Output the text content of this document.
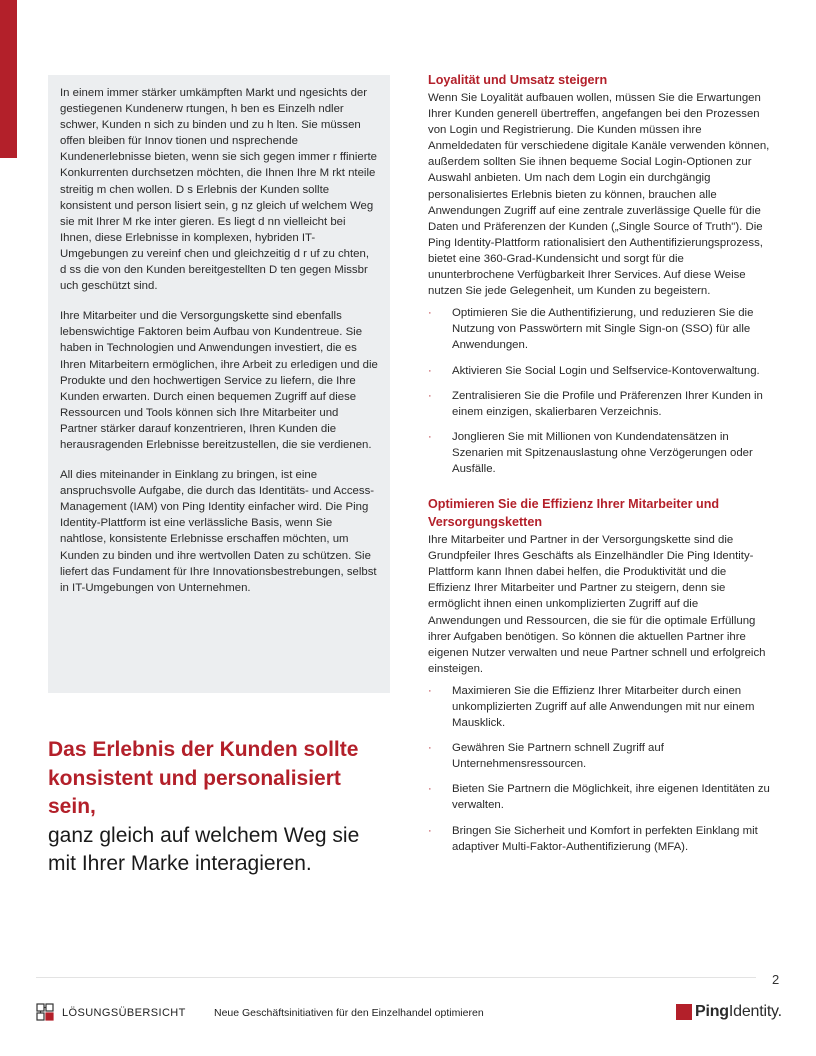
In einem immer stärker umkämpften Markt und ngesichts der gestiegenen Kundenerw rtungen, h ben es Einzelh ndler schwer, Kunden n sich zu binden und zu h lten. Sie müssen offen bleiben für Innov tionen und nsprechende Kundenerlebnisse bieten, wenn sie sich gegen immer r ffinierte Konkurrenten durchsetzen möchten, die Ihnen Ihre M rkt nteile streitig m chen wollen. D s Erlebnis der Kunden sollte konsistent und person lisiert sein, g nz gleich uf welchem Weg sie mit Ihrer M rke inter gieren. Es liegt d nn vielleicht bei Ihnen, diese Erlebnisse in komplexen, hybriden IT-Umgebungen zu vereinf chen und gleichzeitig d r uf zu chten, d ss die von den Kunden bereitgestellten D ten gegen Missbr uch geschützt sind.

Ihre Mitarbeiter und die Versorgungskette sind ebenfalls lebenswichtige Faktoren beim Aufbau von Kundentreue. Sie haben in Technologien und Anwendungen investiert, die es Ihren Mitarbeitern ermöglichen, ihre Arbeit zu erledigen und die Produkte und den hochwertigen Service zu liefern, die Ihre Kunden erwarten. Durch einen bequemen Zugriff auf diese Ressourcen und Tools können sich Ihre Mitarbeiter und Partner stärker darauf konzentrieren, Ihren Kunden die herausragenden Erlebnisse bereitzustellen, die sie verdienen.

All dies miteinander in Einklang zu bringen, ist eine anspruchsvolle Aufgabe, die durch das Identitäts- und Access-Management (IAM) von Ping Identity einfacher wird. Die Ping Identity-Plattform ist eine verlässliche Basis, wenn Sie nahtlose, konsistente Erlebnisse erschaffen möchten, um Kunden zu binden und ihre wertvollen Daten zu schützen. Sie liefert das Fundament für Ihre Innovationsbestrebungen, selbst in IT-Umgebungen von Unternehmen.

Das Erlebnis der Kunden sollte konsistent und personalisiert sein,
ganz gleich auf welchem Weg sie mit Ihrer Marke interagieren.
Loyalität und Umsatz steigern

Wenn Sie Loyalität aufbauen wollen, müssen Sie die Erwartungen Ihrer Kunden generell übertreffen, angefangen bei den Prozessen von Login und Registrierung. Die Kunden müssen ihre Anmeldedaten für verschiedene digitale Kanäle verwenden können, außerdem sollten Sie ihnen bequeme Social Login-Optionen zur Auswahl anbieten. Um nach dem Login ein durchgängig personalisiertes Erlebnis bieten zu können, brauchen alle Anwendungen Zugriff auf eine zentrale zuverlässige Quelle für die Daten und Präferenzen der Kunden („Single Source of Truth"). Die Ping Identity-Plattform rationalisiert den Authentifizierungsprozess, bietet eine 360-Grad-Kundensicht und sorgt für die ununterbrochene Verfügbarkeit Ihrer Services. Auf diese Weise nutzen Sie jede Gelegenheit, um Kunden zu begeistern.

· Optimieren Sie die Authentifizierung, und reduzieren Sie die Nutzung von Passwörtern mit Single Sign-on (SSO) für alle Anwendungen.
· Aktivieren Sie Social Login und Selfservice-Kontoverwaltung.
· Zentralisieren Sie die Profile und Präferenzen Ihrer Kunden in einem einzigen, skalierbaren Verzeichnis.
· Jonglieren Sie mit Millionen von Kundendatensätzen in Szenarien mit Spitzenauslastung ohne Verzögerungen oder Ausfälle.
Optimieren Sie die Effizienz Ihrer Mitarbeiter und Versorgungsketten

Ihre Mitarbeiter und Partner in der Versorgungskette sind die Grundpfeiler Ihres Geschäfts als Einzelhändler Die Ping Identity-Plattform kann Ihnen dabei helfen, die Produktivität und die Effizienz Ihrer Mitarbeiter und Partner zu steigern, denn sie ermöglicht ihnen einen unkomplizierten Zugriff auf die Anwendungen und Ressourcen, die sie für die optimale Erfüllung ihrer Aufgaben benötigen. So können die aktuellen Partner ihre eigenen Nutzer verwalten und neue Partner schnell und erfolgreich einsteigen.

· Maximieren Sie die Effizienz Ihrer Mitarbeiter durch einen unkomplizierten Zugriff auf alle Anwendungen mit nur einem Mausklick.
· Gewähren Sie Partnern schnell Zugriff auf Unternehmensressourcen.
· Bieten Sie Partnern die Möglichkeit, ihre eigenen Identitäten zu verwalten.
· Bringen Sie Sicherheit und Komfort in perfekten Einklang mit adaptiver Multi-Faktor-Authentifizierung (MFA).
2
LÖSUNGSÜBERSICHT	Neue Geschäftsinitiativen für den Einzelhandel optimieren	PingIdentity.
